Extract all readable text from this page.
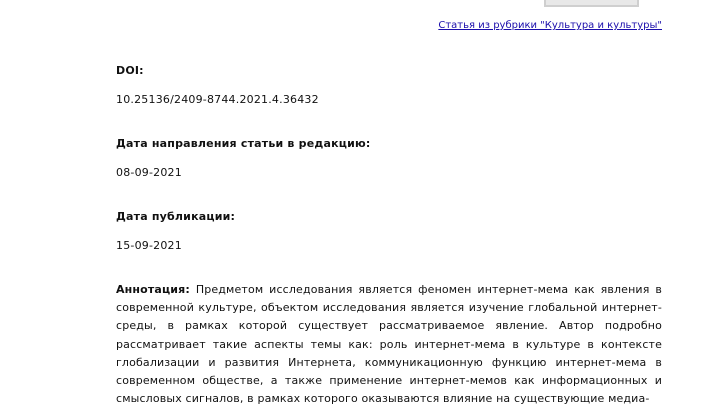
Статья из рубрики "Культура и культуры"
DOI:
10.25136/2409-8744.2021.4.36432
Дата направления статьи в редакцию:
08-09-2021
Дата публикации:
15-09-2021
Аннотация: Предметом исследования является феномен интернет-мема как явления в современной культуре, объектом исследования является изучение глобальной интернет-среды, в рамках которой существует рассматриваемое явление. Автор подробно рассматривает такие аспекты темы как: роль интернет-мема в культуре в контексте глобализации и развития Интернета, коммуникационную функцию интернет-мема в современном обществе, а также применение интернет-мемов как информационных и смысловых сигналов, в рамках которого оказываются влияние на существующие медиа-
